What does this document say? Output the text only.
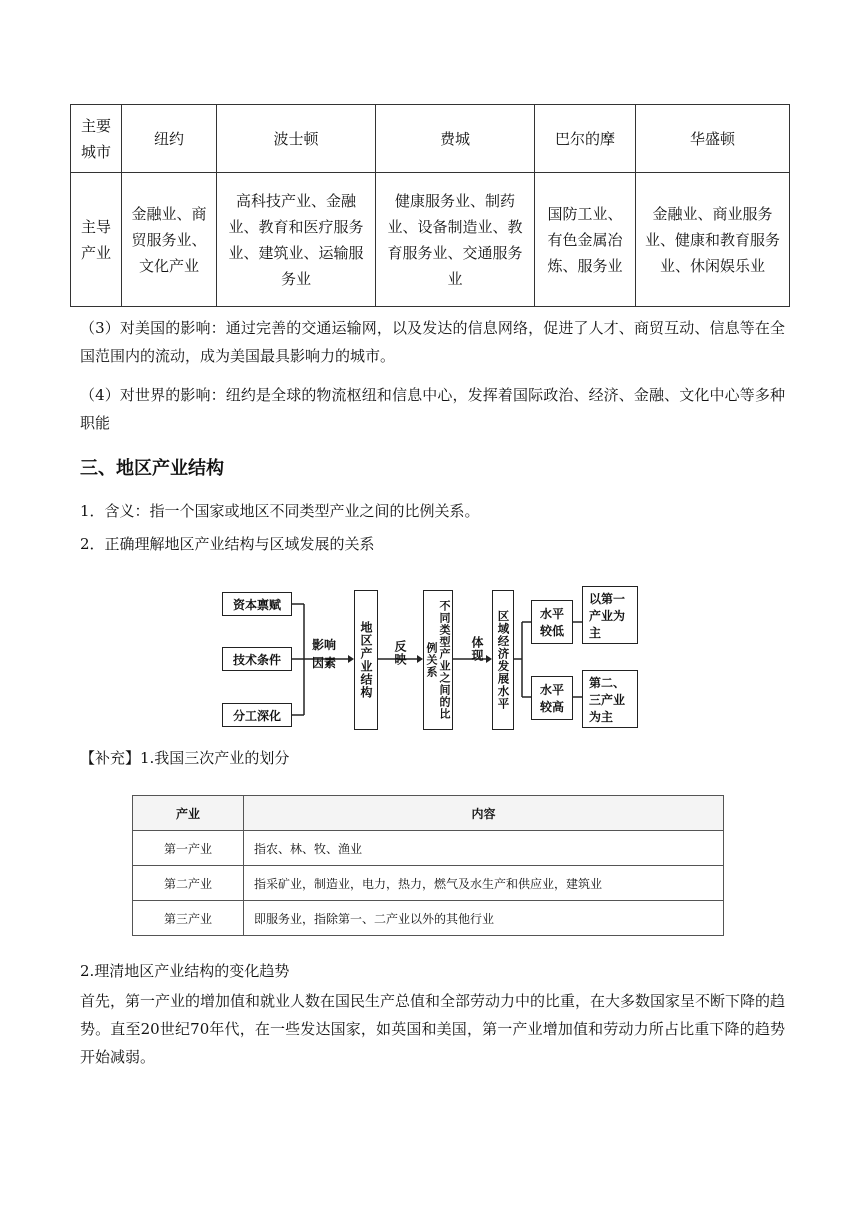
主要城市	纽约	波士顿	费城	巴尔的摩	华盛顿
主导产业	金融业、商贸服务业、文化产业	高科技产业、金融业、教育和医疗服务业、建筑业、运输服务业	健康服务业、制药业、设备制造业、教育服务业、交通服务业	国防工业、有色金属冶炼、服务业	金融业、商业服务业、健康和教育服务业、休闲娱乐业
（3）对美国的影响：通过完善的交通运输网，以及发达的信息网络，促进了人才、商贸互动、信息等在全国范围内的流动，成为美国最具影响力的城市。
（4）对世界的影响：纽约是全球的物流枢纽和信息中心，发挥着国际政治、经济、金融、文化中心等多种职能
三、地区产业结构
1．含义：指一个国家或地区不同类型产业之间的比例关系。
2．正确理解地区产业结构与区域发展的关系
资本禀赋
技术条件
分工深化
影响因素	地区产业结构	反映	不同类型产业之间的比例关系	体现 区域经济发展水平	水平较低
水平较高
以第一产业为主
第二、三产业为主
【补充】1.我国三次产业的划分
产业	内容
第一产业	指农、林、牧、渔业
第二产业	指采矿业，制造业，电力，热力，燃气及水生产和供应业，建筑业
第三产业	即服务业，指除第一、二产业以外的其他行业
2.理清地区产业结构的变化趋势
首先，第一产业的增加值和就业人数在国民生产总值和全部劳动力中的比重，在大多数国家呈不断下降的趋势。直至20世纪70年代，在一些发达国家，如英国和美国，第一产业增加值和劳动力所占比重下降的趋势开始减弱。
